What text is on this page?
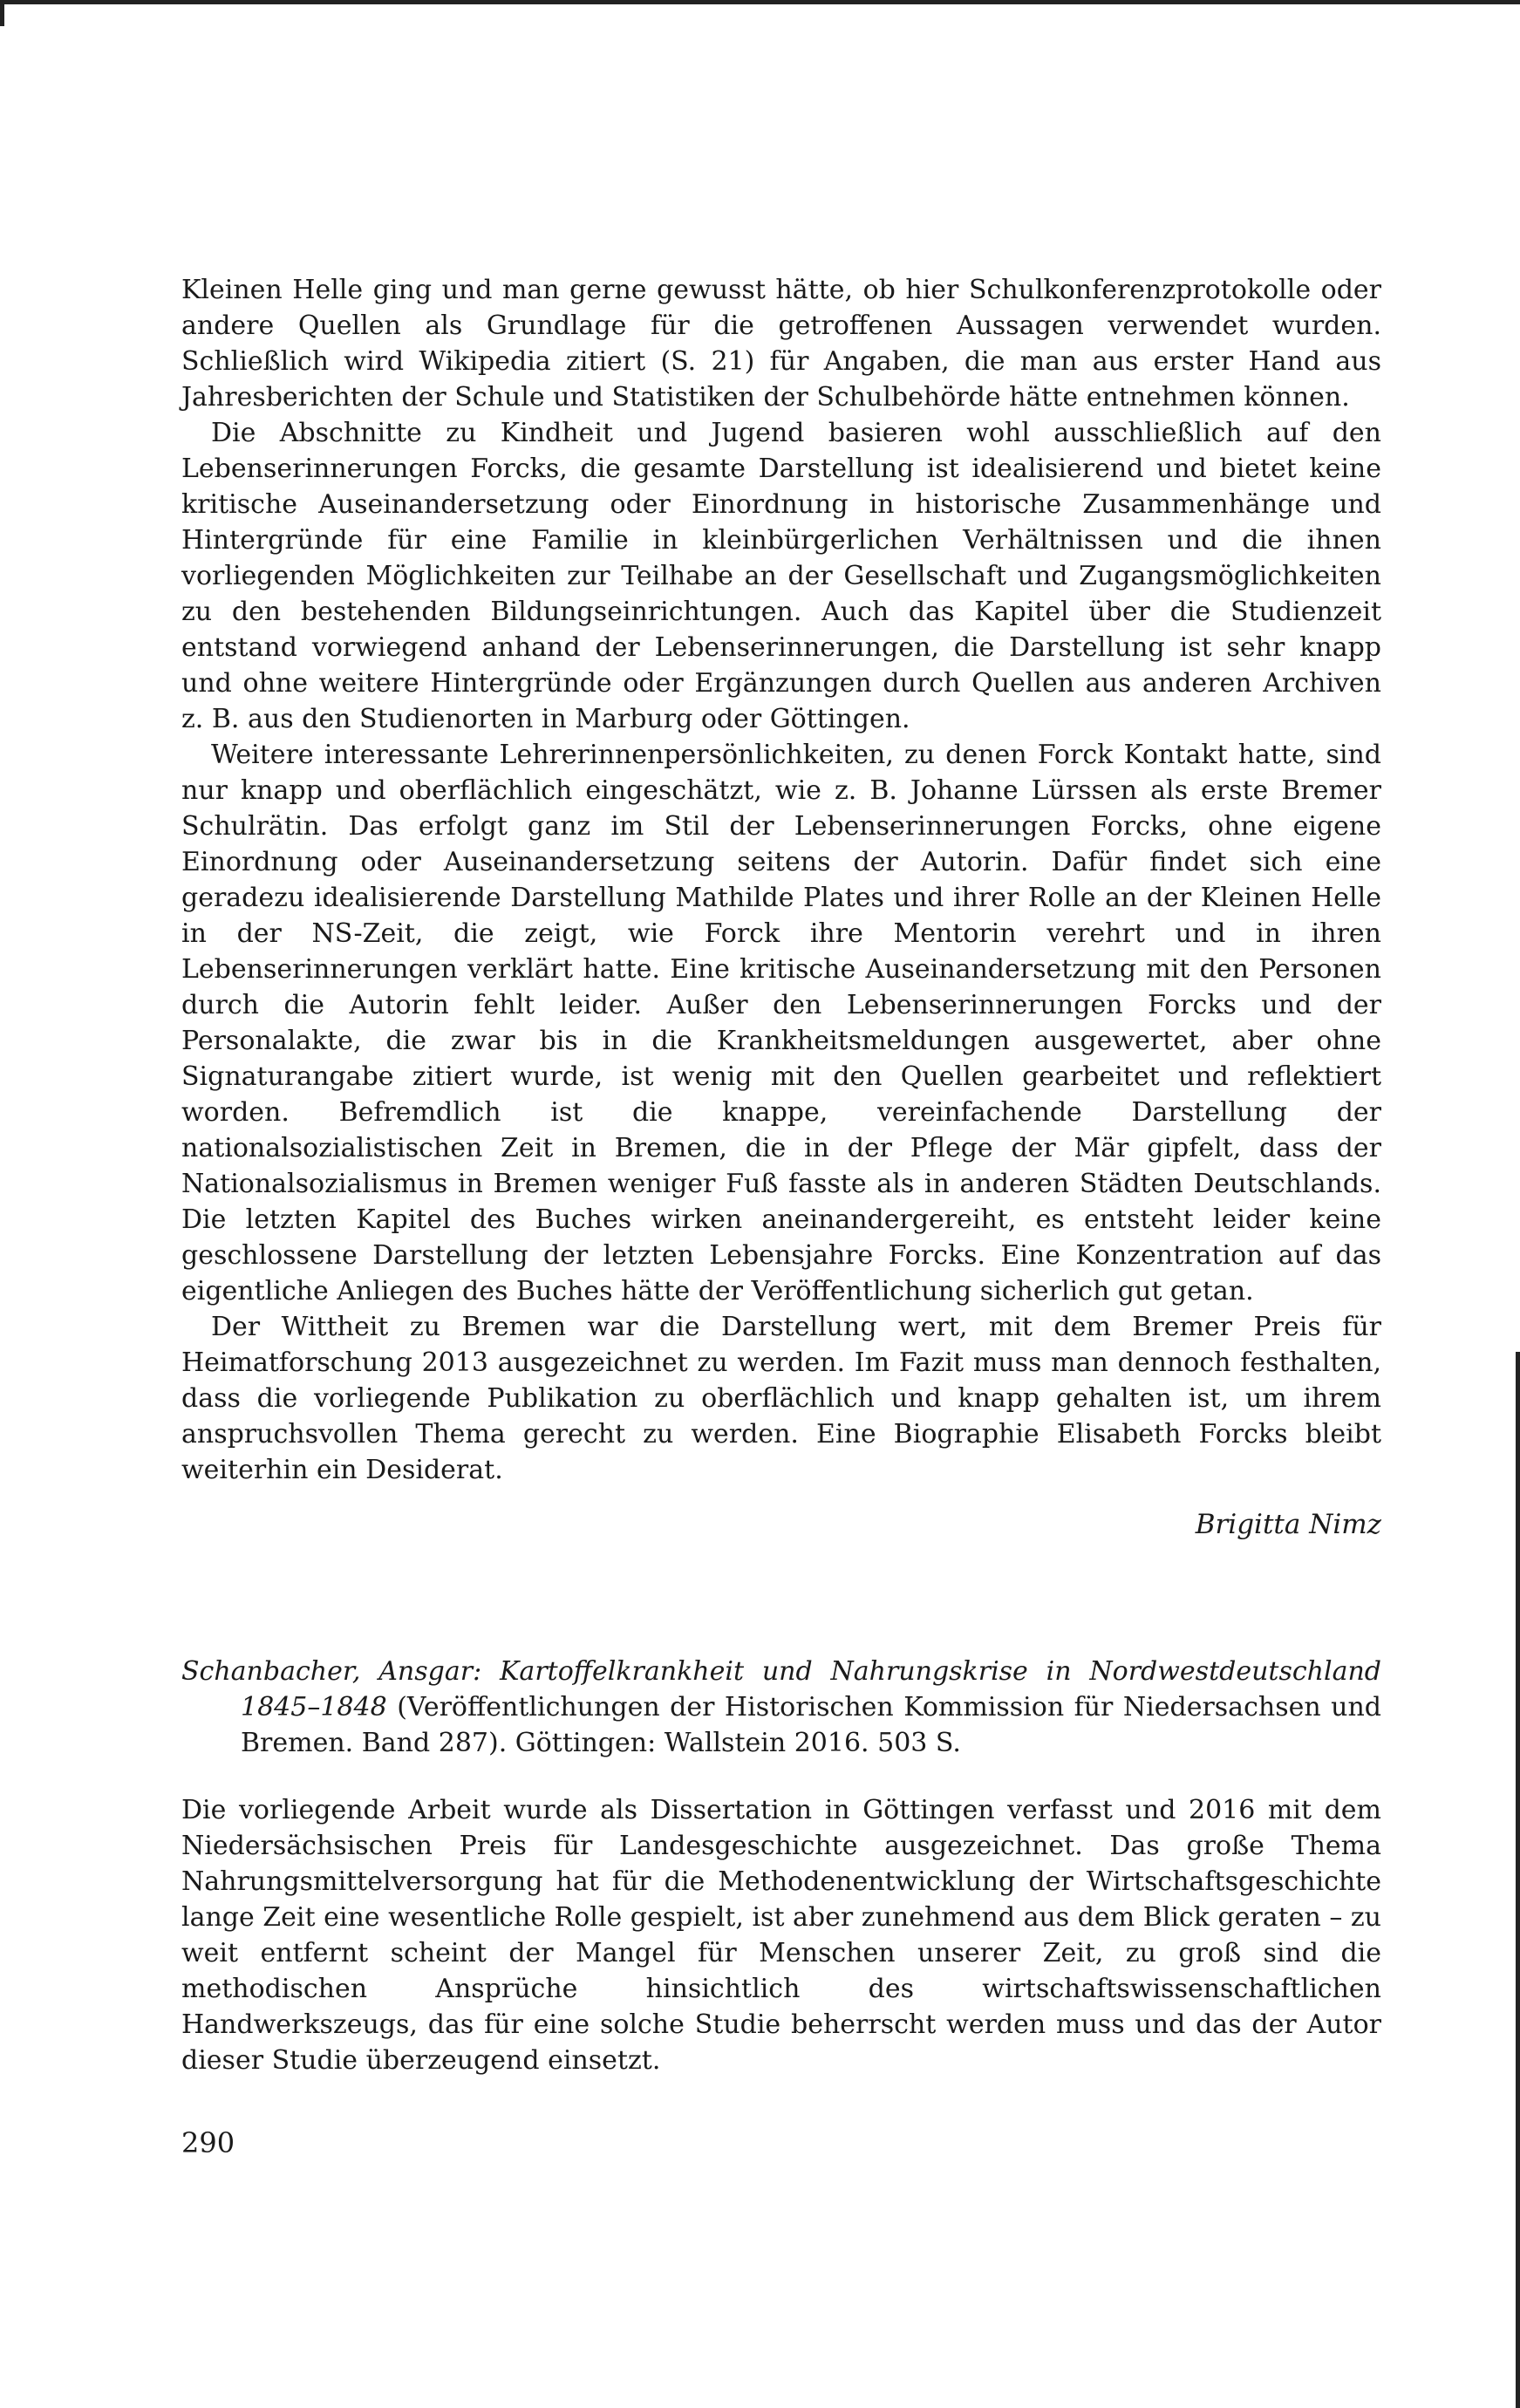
Kleinen Helle ging und man gerne gewusst hätte, ob hier Schulkonferenzprotokolle oder andere Quellen als Grundlage für die getroffenen Aussagen verwendet wurden. Schließlich wird Wikipedia zitiert (S. 21) für Angaben, die man aus erster Hand aus Jahresberichten der Schule und Statistiken der Schulbehörde hätte entnehmen können.

Die Abschnitte zu Kindheit und Jugend basieren wohl ausschließlich auf den Lebenserinnerungen Forcks, die gesamte Darstellung ist idealisierend und bietet keine kritische Auseinandersetzung oder Einordnung in historische Zusammenhänge und Hintergründe für eine Familie in kleinbürgerlichen Verhältnissen und die ihnen vorliegenden Möglichkeiten zur Teilhabe an der Gesellschaft und Zugangsmöglichkeiten zu den bestehenden Bildungseinrichtungen. Auch das Kapitel über die Studienzeit entstand vorwiegend anhand der Lebenserinnerungen, die Darstellung ist sehr knapp und ohne weitere Hintergründe oder Ergänzungen durch Quellen aus anderen Archiven z. B. aus den Studienorten in Marburg oder Göttingen.

Weitere interessante Lehrerinnenpersönlichkeiten, zu denen Forck Kontakt hatte, sind nur knapp und oberflächlich eingeschätzt, wie z. B. Johanne Lürssen als erste Bremer Schulrätin. Das erfolgt ganz im Stil der Lebenserinnerungen Forcks, ohne eigene Einordnung oder Auseinandersetzung seitens der Autorin. Dafür findet sich eine geradezu idealisierende Darstellung Mathilde Plates und ihrer Rolle an der Kleinen Helle in der NS-Zeit, die zeigt, wie Forck ihre Mentorin verehrt und in ihren Lebenserinnerungen verklärt hatte. Eine kritische Auseinandersetzung mit den Personen durch die Autorin fehlt leider. Außer den Lebenserinnerungen Forcks und der Personalakte, die zwar bis in die Krankheitsmeldungen ausgewertet, aber ohne Signaturangabe zitiert wurde, ist wenig mit den Quellen gearbeitet und reflektiert worden. Befremdlich ist die knappe, vereinfachende Darstellung der nationalsozialistischen Zeit in Bremen, die in der Pflege der Mär gipfelt, dass der Nationalsozialismus in Bremen weniger Fuß fasste als in anderen Städten Deutschlands. Die letzten Kapitel des Buches wirken aneinandergereiht, es entsteht leider keine geschlossene Darstellung der letzten Lebensjahre Forcks. Eine Konzentration auf das eigentliche Anliegen des Buches hätte der Veröffentlichung sicherlich gut getan.

Der Wittheit zu Bremen war die Darstellung wert, mit dem Bremer Preis für Heimatforschung 2013 ausgezeichnet zu werden. Im Fazit muss man dennoch festhalten, dass die vorliegende Publikation zu oberflächlich und knapp gehalten ist, um ihrem anspruchsvollen Thema gerecht zu werden. Eine Biographie Elisabeth Forcks bleibt weiterhin ein Desiderat.

Brigitta Nimz

Schanbacher, Ansgar: Kartoffelkrankheit und Nahrungskrise in Nordwestdeutschland 1845–1848 (Veröffentlichungen der Historischen Kommission für Niedersachsen und Bremen. Band 287). Göttingen: Wallstein 2016. 503 S.

Die vorliegende Arbeit wurde als Dissertation in Göttingen verfasst und 2016 mit dem Niedersächsischen Preis für Landesgeschichte ausgezeichnet. Das große Thema Nahrungsmittelversorgung hat für die Methodenentwicklung der Wirtschaftsgeschichte lange Zeit eine wesentliche Rolle gespielt, ist aber zunehmend aus dem Blick geraten – zu weit entfernt scheint der Mangel für Menschen unserer Zeit, zu groß sind die methodischen Ansprüche hinsichtlich des wirtschaftswissenschaftlichen Handwerkszeugs, das für eine solche Studie beherrscht werden muss und das der Autor dieser Studie überzeugend einsetzt.

290
